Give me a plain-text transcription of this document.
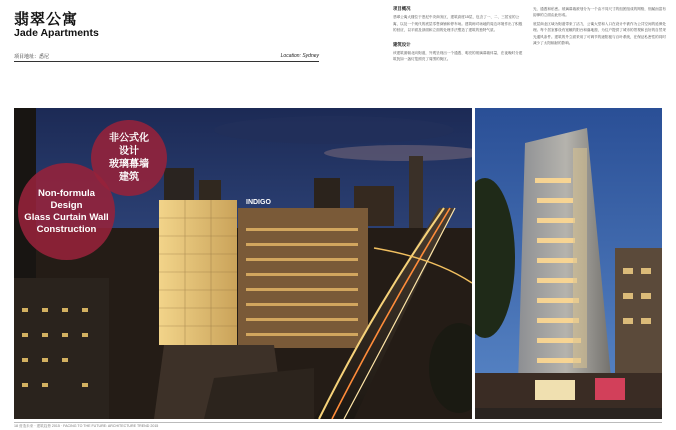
翡翠公寓
Jade Apartments
项目地址：悉尼	Location: Sydney
项目概况

翡翠公寓大楼位于悉尼中央商务区，建筑高度15层，包含了一、二、三居室的公寓，以及一个现代的底层零售商铺和停车场。建筑师对场地的周边环境作出了积极的回应，以平面及剖面和立面的处理手法塑造了建筑的独特气质。

建筑设计

该建筑面朝北向街道，外观呈现出一个通透、明亮的玻璃幕墙体量，在夜晚时分建筑犹如一盏灯笼照亮了周围的街区。

光、通透和私密。玻璃幕墙被划分为一个由不同尺寸的组团组成的网格，细腻而富有韵律的立面由此形成。

底层商业区域为街道带来了活力，公寓大堂和入口在设计中被作为公共空间的延伸处理。每个居室都设有宽敞的阳台和落地窗，为住户提供了城市的景观和良好的自然采光通风条件。建筑的外立面采用了可调节的遮阳板与百叶系统，在保证私密性的同时减少了太阳辐射的影响。

INDIGO
非公式化
设计
玻璃幕墙
建筑
Non-formula
Design
Glass Curtain Wall
Construction
18 营造未来 · 建筑趋势 2015 · FACING TO THE FUTURE: ARCHITECTURE TREND 2015
